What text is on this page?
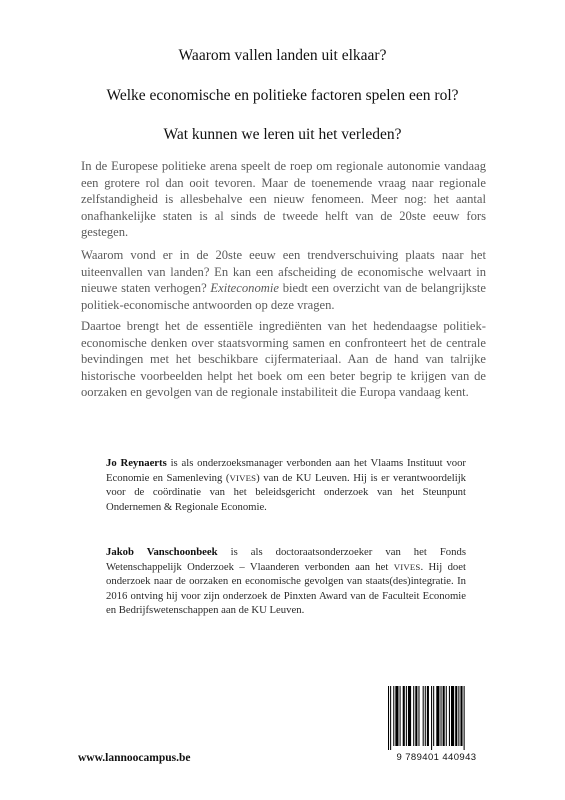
Waarom vallen landen uit elkaar?
Welke economische en politieke factoren spelen een rol?
Wat kunnen we leren uit het verleden?

In de Europese politieke arena speelt de roep om regionale autonomie vandaag een grotere rol dan ooit tevoren. Maar de toenemende vraag naar regionale zelfstandigheid is allesbehalve een nieuw fenomeen. Meer nog: het aantal onafhankelijke staten is al sinds de tweede helft van de 20ste eeuw fors gestegen.

Waarom vond er in de 20ste eeuw een trendverschuiving plaats naar het uiteenvallen van landen? En kan een afscheiding de economische welvaart in nieuwe staten verhogen? Exiteconomie biedt een overzicht van de belangrijkste politiek-economische antwoorden op deze vragen.

Daartoe brengt het de essentiële ingrediënten van het hedendaagse politiek-economische denken over staatsvorming samen en confronteert het de centrale bevindingen met het beschikbare cijfermateriaal. Aan de hand van talrijke historische voorbeelden helpt het boek om een beter begrip te krijgen van de oorzaken en gevolgen van de regionale instabiliteit die Europa vandaag kent.

Jo Reynaerts is als onderzoeksmanager verbonden aan het Vlaams Instituut voor Economie en Samenleving (VIVES) van de KU Leuven. Hij is er verantwoordelijk voor de coördinatie van het beleidsgericht onderzoek van het Steunpunt Ondernemen & Regionale Economie.

Jakob Vanschoonbeek is als doctoraatsonderzoeker van het Fonds Wetenschappelijk Onderzoek – Vlaanderen verbonden aan het VIVES. Hij doet onderzoek naar de oorzaken en economische gevolgen van staats(des)integratie. In 2016 ontving hij voor zijn onderzoek de Pinxten Award van de Faculteit Economie en Bedrijfswetenschappen aan de KU Leuven.

www.lannoocampus.be	9 789401 440943
